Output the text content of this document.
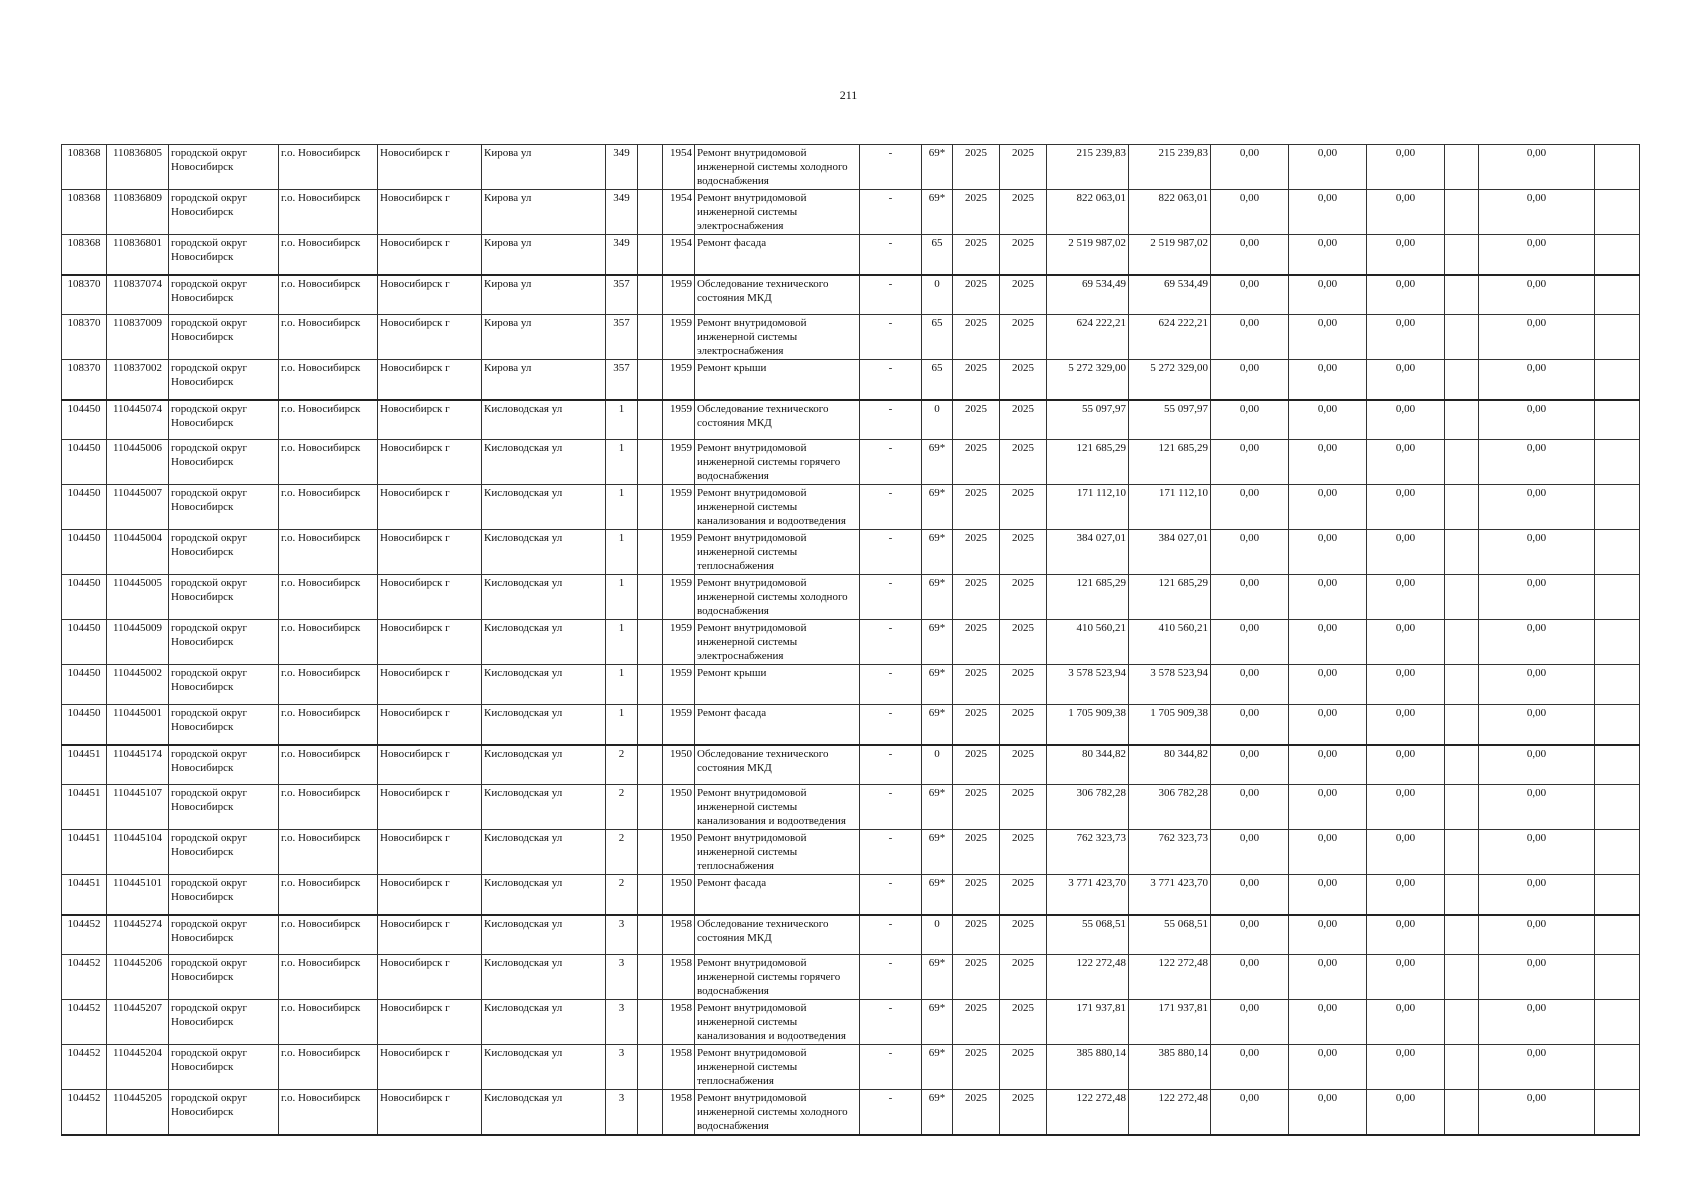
211
108368	110836805	городской округ Новосибирск	г.о. Новосибирск	Новосибирск г	Кирова ул	349		1954	Ремонт внутридомовой инженерной системы холодного водоснабжения	-	69*	2025	2025	215 239,83	215 239,83	0,00	0,00	0,00		0,00	
108368	110836809	городской округ Новосибирск	г.о. Новосибирск	Новосибирск г	Кирова ул	349		1954	Ремонт внутридомовой инженерной системы электроснабжения	-	69*	2025	2025	822 063,01	822 063,01	0,00	0,00	0,00		0,00	
108368	110836801	городской округ Новосибирск	г.о. Новосибирск	Новосибирск г	Кирова ул	349		1954	Ремонт фасада	-	65	2025	2025	2 519 987,02	2 519 987,02	0,00	0,00	0,00		0,00	
108370	110837074	городской округ Новосибирск	г.о. Новосибирск	Новосибирск г	Кирова ул	357		1959	Обследование технического состояния МКД	-	0	2025	2025	69 534,49	69 534,49	0,00	0,00	0,00		0,00	
108370	110837009	городской округ Новосибирск	г.о. Новосибирск	Новосибирск г	Кирова ул	357		1959	Ремонт внутридомовой инженерной системы электроснабжения	-	65	2025	2025	624 222,21	624 222,21	0,00	0,00	0,00		0,00	
108370	110837002	городской округ Новосибирск	г.о. Новосибирск	Новосибирск г	Кирова ул	357		1959	Ремонт крыши	-	65	2025	2025	5 272 329,00	5 272 329,00	0,00	0,00	0,00		0,00	
104450	110445074	городской округ Новосибирск	г.о. Новосибирск	Новосибирск г	Кисловодская ул	1		1959	Обследование технического состояния МКД	-	0	2025	2025	55 097,97	55 097,97	0,00	0,00	0,00		0,00	
104450	110445006	городской округ Новосибирск	г.о. Новосибирск	Новосибирск г	Кисловодская ул	1		1959	Ремонт внутридомовой инженерной системы горячего водоснабжения	-	69*	2025	2025	121 685,29	121 685,29	0,00	0,00	0,00		0,00	
104450	110445007	городской округ Новосибирск	г.о. Новосибирск	Новосибирск г	Кисловодская ул	1		1959	Ремонт внутридомовой инженерной системы канализования и водоотведения	-	69*	2025	2025	171 112,10	171 112,10	0,00	0,00	0,00		0,00	
104450	110445004	городской округ Новосибирск	г.о. Новосибирск	Новосибирск г	Кисловодская ул	1		1959	Ремонт внутридомовой инженерной системы теплоснабжения	-	69*	2025	2025	384 027,01	384 027,01	0,00	0,00	0,00		0,00	
104450	110445005	городской округ Новосибирск	г.о. Новосибирск	Новосибирск г	Кисловодская ул	1		1959	Ремонт внутридомовой инженерной системы холодного водоснабжения	-	69*	2025	2025	121 685,29	121 685,29	0,00	0,00	0,00		0,00	
104450	110445009	городской округ Новосибирск	г.о. Новосибирск	Новосибирск г	Кисловодская ул	1		1959	Ремонт внутридомовой инженерной системы электроснабжения	-	69*	2025	2025	410 560,21	410 560,21	0,00	0,00	0,00		0,00	
104450	110445002	городской округ Новосибирск	г.о. Новосибирск	Новосибирск г	Кисловодская ул	1		1959	Ремонт крыши	-	69*	2025	2025	3 578 523,94	3 578 523,94	0,00	0,00	0,00		0,00	
104450	110445001	городской округ Новосибирск	г.о. Новосибирск	Новосибирск г	Кисловодская ул	1		1959	Ремонт фасада	-	69*	2025	2025	1 705 909,38	1 705 909,38	0,00	0,00	0,00		0,00	
104451	110445174	городской округ Новосибирск	г.о. Новосибирск	Новосибирск г	Кисловодская ул	2		1950	Обследование технического состояния МКД	-	0	2025	2025	80 344,82	80 344,82	0,00	0,00	0,00		0,00	
104451	110445107	городской округ Новосибирск	г.о. Новосибирск	Новосибирск г	Кисловодская ул	2		1950	Ремонт внутридомовой инженерной системы канализования и водоотведения	-	69*	2025	2025	306 782,28	306 782,28	0,00	0,00	0,00		0,00	
104451	110445104	городской округ Новосибирск	г.о. Новосибирск	Новосибирск г	Кисловодская ул	2		1950	Ремонт внутридомовой инженерной системы теплоснабжения	-	69*	2025	2025	762 323,73	762 323,73	0,00	0,00	0,00		0,00	
104451	110445101	городской округ Новосибирск	г.о. Новосибирск	Новосибирск г	Кисловодская ул	2		1950	Ремонт фасада	-	69*	2025	2025	3 771 423,70	3 771 423,70	0,00	0,00	0,00		0,00	
104452	110445274	городской округ Новосибирск	г.о. Новосибирск	Новосибирск г	Кисловодская ул	3		1958	Обследование технического состояния МКД	-	0	2025	2025	55 068,51	55 068,51	0,00	0,00	0,00		0,00	
104452	110445206	городской округ Новосибирск	г.о. Новосибирск	Новосибирск г	Кисловодская ул	3		1958	Ремонт внутридомовой инженерной системы горячего водоснабжения	-	69*	2025	2025	122 272,48	122 272,48	0,00	0,00	0,00		0,00	
104452	110445207	городской округ Новосибирск	г.о. Новосибирск	Новосибирск г	Кисловодская ул	3		1958	Ремонт внутридомовой инженерной системы канализования и водоотведения	-	69*	2025	2025	171 937,81	171 937,81	0,00	0,00	0,00		0,00	
104452	110445204	городской округ Новосибирск	г.о. Новосибирск	Новосибирск г	Кисловодская ул	3		1958	Ремонт внутридомовой инженерной системы теплоснабжения	-	69*	2025	2025	385 880,14	385 880,14	0,00	0,00	0,00		0,00	
104452	110445205	городской округ Новосибирск	г.о. Новосибирск	Новосибирск г	Кисловодская ул	3		1958	Ремонт внутридомовой инженерной системы холодного водоснабжения	-	69*	2025	2025	122 272,48	122 272,48	0,00	0,00	0,00		0,00	
